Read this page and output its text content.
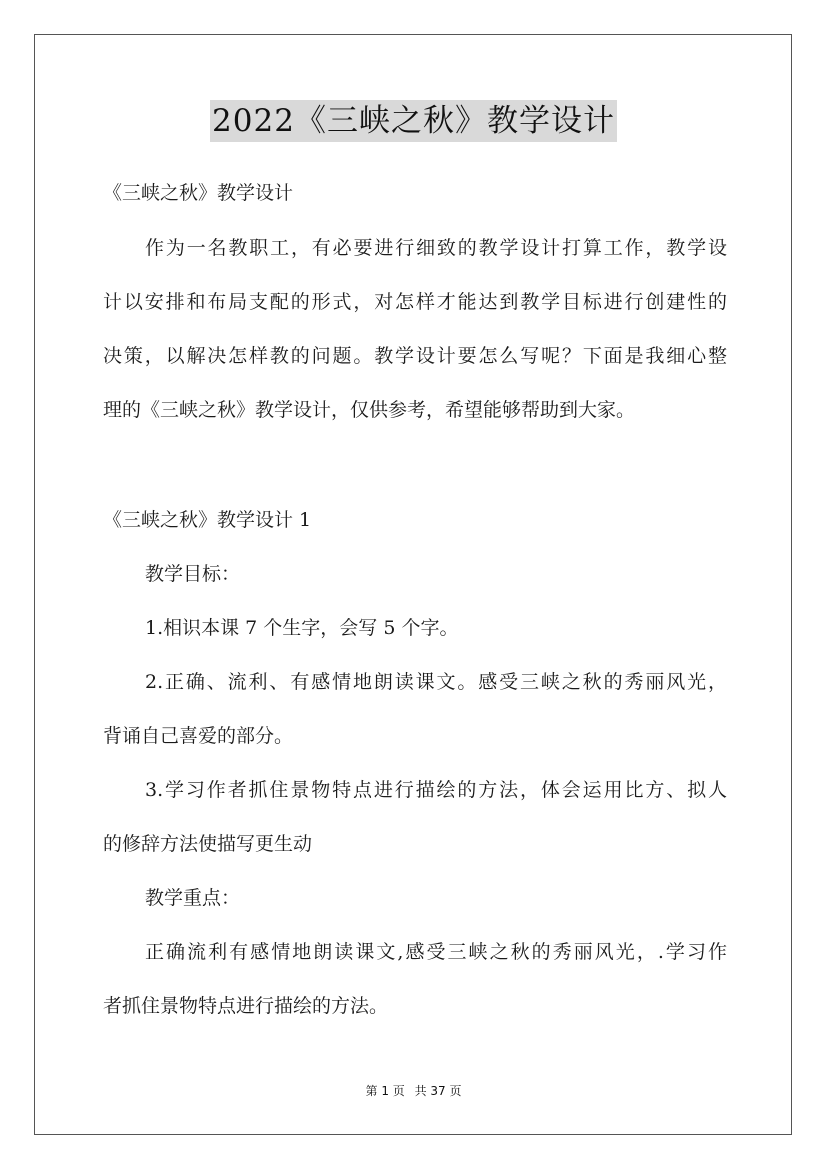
2022《三峡之秋》教学设计
《三峡之秋》教学设计
作为一名教职工，有必要进行细致的教学设计打算工作，教学设
计以安排和布局支配的形式，对怎样才能达到教学目标进行创建性的
决策，以解决怎样教的问题。教学设计要怎么写呢？下面是我细心整
理的《三峡之秋》教学设计，仅供参考，希望能够帮助到大家。
《三峡之秋》教学设计 1
教学目标：
1.相识本课 7 个生字，会写 5 个字。
2.正确、流利、有感情地朗读课文。感受三峡之秋的秀丽风光，
背诵自己喜爱的部分。
3.学习作者抓住景物特点进行描绘的方法，体会运用比方、拟人
的修辞方法使描写更生动
教学重点：
正确流利有感情地朗读课文,感受三峡之秋的秀丽风光，.学习作
者抓住景物特点进行描绘的方法。
第 1 页 共 37 页
